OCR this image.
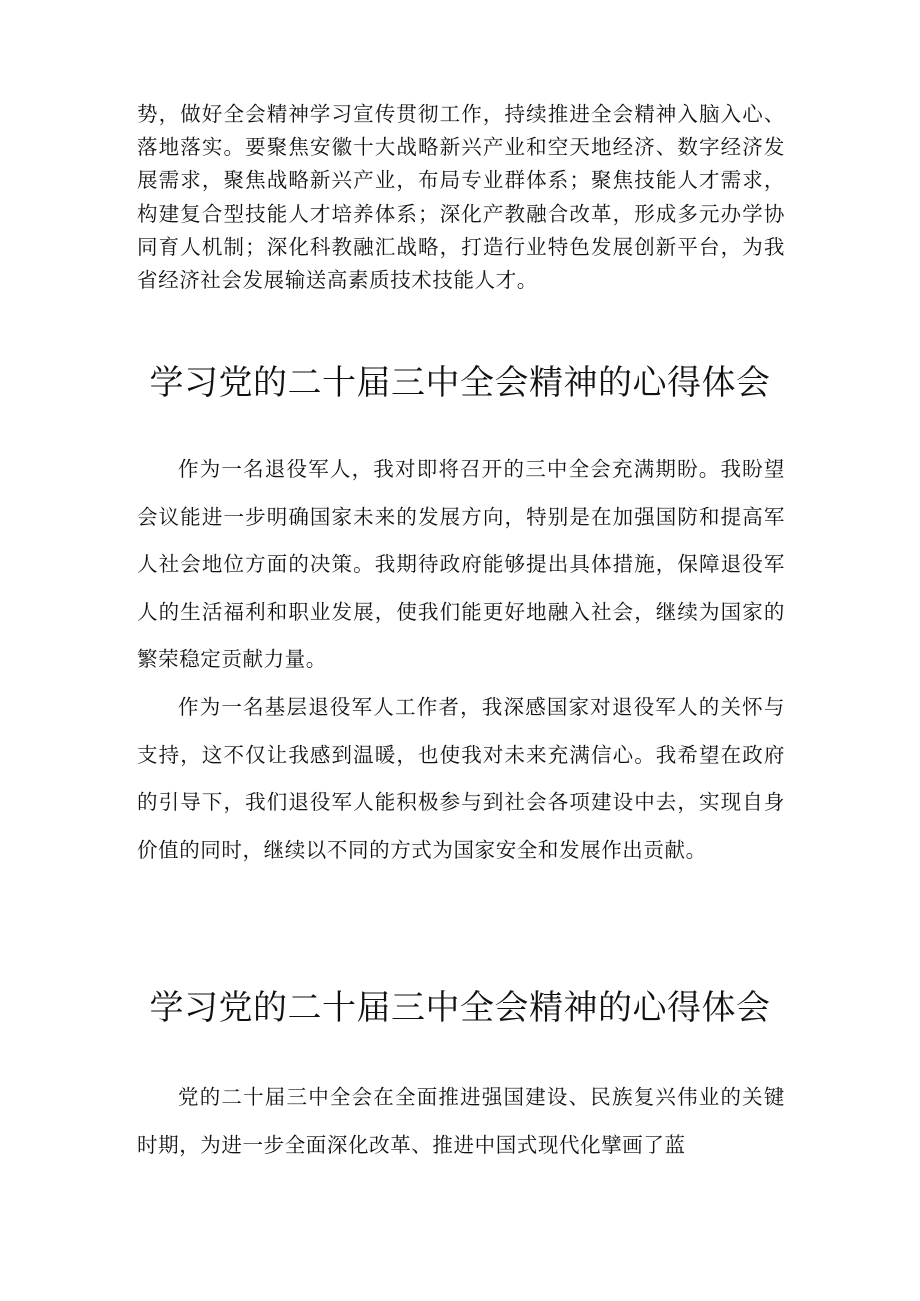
势，做好全会精神学习宣传贯彻工作，持续推进全会精神入脑入心、落地落实。要聚焦安徽十大战略新兴产业和空天地经济、数字经济发展需求，聚焦战略新兴产业，布局专业群体系；聚焦技能人才需求，构建复合型技能人才培养体系；深化产教融合改革，形成多元办学协同育人机制；深化科教融汇战略，打造行业特色发展创新平台，为我省经济社会发展输送高素质技术技能人才。

学习党的二十届三中全会精神的心得体会

作为一名退役军人，我对即将召开的三中全会充满期盼。我盼望会议能进一步明确国家未来的发展方向，特别是在加强国防和提高军人社会地位方面的决策。我期待政府能够提出具体措施，保障退役军人的生活福利和职业发展，使我们能更好地融入社会，继续为国家的繁荣稳定贡献力量。

作为一名基层退役军人工作者，我深感国家对退役军人的关怀与支持，这不仅让我感到温暖，也使我对未来充满信心。我希望在政府的引导下，我们退役军人能积极参与到社会各项建设中去，实现自身价值的同时，继续以不同的方式为国家安全和发展作出贡献。

学习党的二十届三中全会精神的心得体会

党的二十届三中全会在全面推进强国建设、民族复兴伟业的关键时期，为进一步全面深化改革、推进中国式现代化擘画了蓝
